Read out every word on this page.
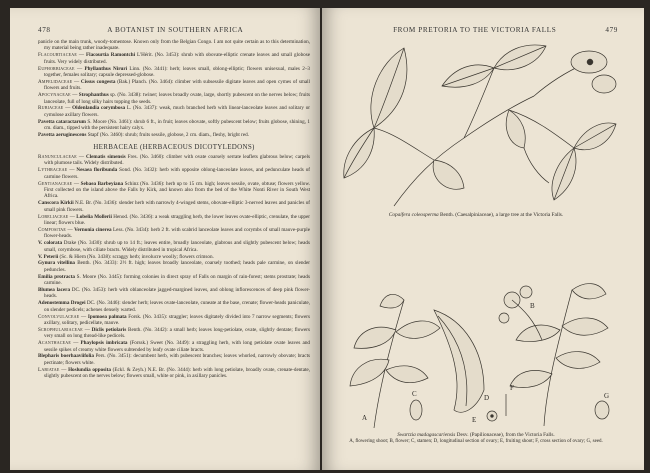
478	A BOTANIST IN SOUTHERN AFRICA
panicle on the main trunk, woody-tomentose. Known only from the Belgian Congo. I am not quite certain as to this determination, my material being rather inadequate.
Flacourtiaceae — Flacourtia Ramontchi L'Hérit. (No. 3453): shrub with obovate-elliptic crenate leaves and small globose fruits. Very widely distributed.
Euphorbiaceae — Phyllanthus Niruri Linn. (No. 3441): herb; leaves small, oblong-elliptic; flowers unisexual, males 2–3 together, females solitary; capsule depressed-globose.
Ampelidaceae — Cissus congesta (Bak.) Planch. (No. 3464): climber with subsessile digitate leaves and open cymes of small flowers and fruits.
Apocynaceae — Strophanthus sp. (No. 3438): twiner; leaves broadly ovate, large, shortly pubescent on the nerves below; fruits lanceolate, full of long silky hairs topping the seeds.
Rubiaceae — Oldenlandia corymbosa L. (No. 3437): weak, much branched herb with linear-lanceolate leaves and solitary or cymulose axillary flowers.
Pavetta cataractarum S. Moore (No. 3461): shrub 6 ft., in fruit; leaves obovate, softly pubescent below; fruits globose, shining, 1 cm. diam., tipped with the persistent hairy calyx.
Pavetta aeruginescens Stapf (No. 3460): shrub; fruits sessile, globose, 2 cm. diam., fleshy, bright red.
HERBACEAE (HERBACEOUS DICOTYLEDONS)
Ranunculaceae — Clematis simensis Fres. (No. 3460): climber with ovate coarsely serrate leaflets glabrous below; carpels with plumose tails. Widely distributed.
Lythraceae — Nesaea floribunda Sond. (No. 3432): herb with opposite oblong-lanceolate leaves, and pedunculate heads of carmine flowers.
Gentianaceae — Sebaea Barbeyiana Schinz (No. 3436): herb up to 15 cm. high; leaves sessile, ovate, obtuse; flowers yellow. First collected on the island above the Falls by Kirk, and known also from the bed of the White Nonti River in South West Africa.
Canscora Kirkii N.E. Br. (No. 3436): slender herb with narrowly 4-winged stems, obovate-elliptic 3-nerved leaves and panicles of small pink flowers.
Lobeliaceae — Lobelia Mollerii Henod. (No. 3436): a weak straggling herb, the lower leaves ovate-elliptic, crenulate, the upper linear; flowers blue.
Compositae — Vernonia cinerea Less. (No. 3434): herb 2 ft. with scabrid lanceolate leaves and corymbs of small mauve-purple flower-heads.
V. colorata Drake (No. 3430): shrub up to 14 ft.; leaves entire, broadly lanceolate, glabrous and slightly pubescent below; heads small, corymbose, with ciliate bracts. Widely distributed in tropical Africa.
V. Peterii (Sc. & Hiern (No. 3438): scraggy herb; involucre woolly; flowers crimson.
Gynura vitellina Benth. (No. 3433): 2½ ft. high; leaves broadly lanceolate, coarsely toothed; heads pale carmine, on slender peduncles.
Emilia protracta S. Moore (No. 3445): forming colonies in direct spray of Falls on margin of rain-forest; stems prostrate; heads carmine.
Blumea lacera DC. (No. 3453): herb with oblanceolate jagged-margined leaves, and oblong inflorescences of deep pink flower-heads.
Adenostemma Drogei DC. (No. 3446): slender herb; leaves ovate-lanceolate, cuneate at the base, crenate; flower-heads paniculate, on slender pedicels; achenes densely warted.
Convolvulaceae — Ipomoea palmata Forsk. (No. 3435): straggler; leaves digitately divided into 7 narrow segments; flowers axillary, solitary, pedicellate, mauve.
Scrophulariaceae — Diclis petiolaris Benth. (No. 3442): a small herb; leaves long-petiolate, ovate, slightly dentate; flowers very small on long thread-like pedicels.
Acanthaceae — Phaylopsis imbricata (Forssk.) Sweet (No. 3449): a straggling herb, with long petiolate ovate leaves and sessile spikes of creamy white flowers subtended by leafy ovate ciliate bracts.
Blepharis boerhaaviifolia Pers. (No. 3451): decumbent herb, with pubescent branches; leaves whorled, narrowly obovate; bracts pectinate; flowers white.
Labiatae — Hoslundia opposita (Eckl. & Zeyh.) N.E. Br. (No. 3444): herb with long petiolate, broadly ovate, crenate-dentate, slightly pubescent on the nerves below; flowers small, white or pink, in axillary panicles.
FROM PRETORIA TO THE VICTORIA FALLS	479
Copaifera coleosperma Benth. (Caesalpiniaceae), a large tree at the Victoria Falls.
A
B
C	D
E
F
G
Swartzia madagascariensis Desv. (Papilionaceae), from the Victoria Falls.
A, flowering shoot; B, flower; C, stamen; D, longitudinal section of ovary; E, fruiting shoot; F, cross section of ovary; G, seed.
